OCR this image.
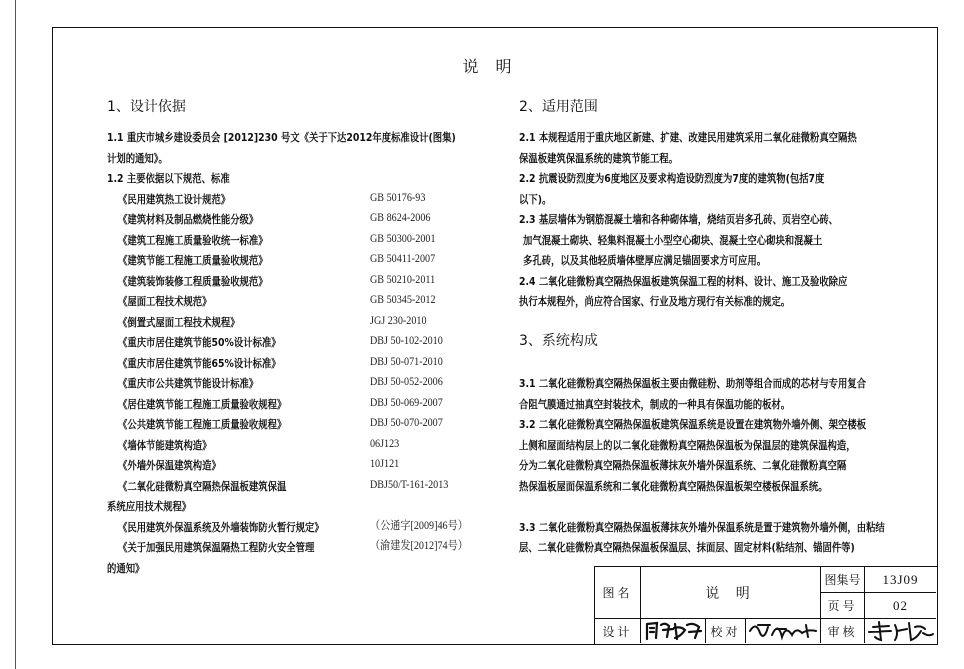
说 明
1、设计依据
1.1 重庆市城乡建设委员会 [2012]230 号文《关于下达2012年度标准设计(图集)
计划的通知》。
1.2 主要依据以下规范、标准
《民用建筑热工设计规范》	GB 50176-93
《建筑材料及制品燃烧性能分级》	GB 8624-2006
《建筑工程施工质量验收统一标准》	GB 50300-2001
《建筑节能工程施工质量验收规范》	GB 50411-2007
《建筑装饰装修工程质量验收规范》	GB 50210-2011
《屋面工程技术规范》	GB 50345-2012
《倒置式屋面工程技术规程》	JGJ 230-2010
《重庆市居住建筑节能50%设计标准》	DBJ 50-102-2010
《重庆市居住建筑节能65%设计标准》	DBJ 50-071-2010
《重庆市公共建筑节能设计标准》	DBJ 50-052-2006
《居住建筑节能工程施工质量验收规程》	DBJ 50-069-2007
《公共建筑节能工程施工质量验收规程》	DBJ 50-070-2007
《墙体节能建筑构造》	06J123
《外墙外保温建筑构造》	10J121
《二氧化硅微粉真空隔热保温板建筑保温	DBJ50/T-161-2013
系统应用技术规程》
《民用建筑外保温系统及外墙装饰防火暂行规定》	（公通字[2009]46号）
《关于加强民用建筑保温隔热工程防火安全管理	（渝建发[2012]74号）
的通知》
2、适用范围
2.1 本规程适用于重庆地区新建、扩建、改建民用建筑采用二氧化硅微粉真空隔热
保温板建筑保温系统的建筑节能工程。
2.2 抗震设防烈度为6度地区及要求构造设防烈度为7度的建筑物(包括7度
以下)。
2.3 基层墙体为钢筋混凝土墙和各种砌体墙，烧结页岩多孔砖、页岩空心砖、
加气混凝土砌块、轻集料混凝土小型空心砌块、混凝土空心砌块和混凝土
多孔砖，以及其他轻质墙体壁厚应满足锚固要求方可应用。
2.4 二氧化硅微粉真空隔热保温板建筑保温工程的材料、设计、施工及验收除应
执行本规程外，尚应符合国家、行业及地方现行有关标准的规定。
3、系统构成
3.1 二氧化硅微粉真空隔热保温板主要由微硅粉、助剂等组合而成的芯材与专用复合
合阻气膜通过抽真空封装技术，制成的一种具有保温功能的板材。
3.2 二氧化硅微粉真空隔热保温板建筑保温系统是设置在建筑物外墙外侧、架空楼板
上侧和屋面结构层上的以二氧化硅微粉真空隔热保温板为保温层的建筑保温构造，
分为二氧化硅微粉真空隔热保温板薄抹灰外墙外保温系统、二氧化硅微粉真空隔
热保温板屋面保温系统和二氧化硅微粉真空隔热保温板架空楼板保温系统。
3.3 二氧化硅微粉真空隔热保温板薄抹灰外墙外保温系统是置于建筑物外墙外侧，由粘结
层、二氧化硅微粉真空隔热保温板保温层、抹面层、固定材料(粘结剂、锚固件等)
图名	说 明
图集号	13J09
页号	02
设计	校对	审核
